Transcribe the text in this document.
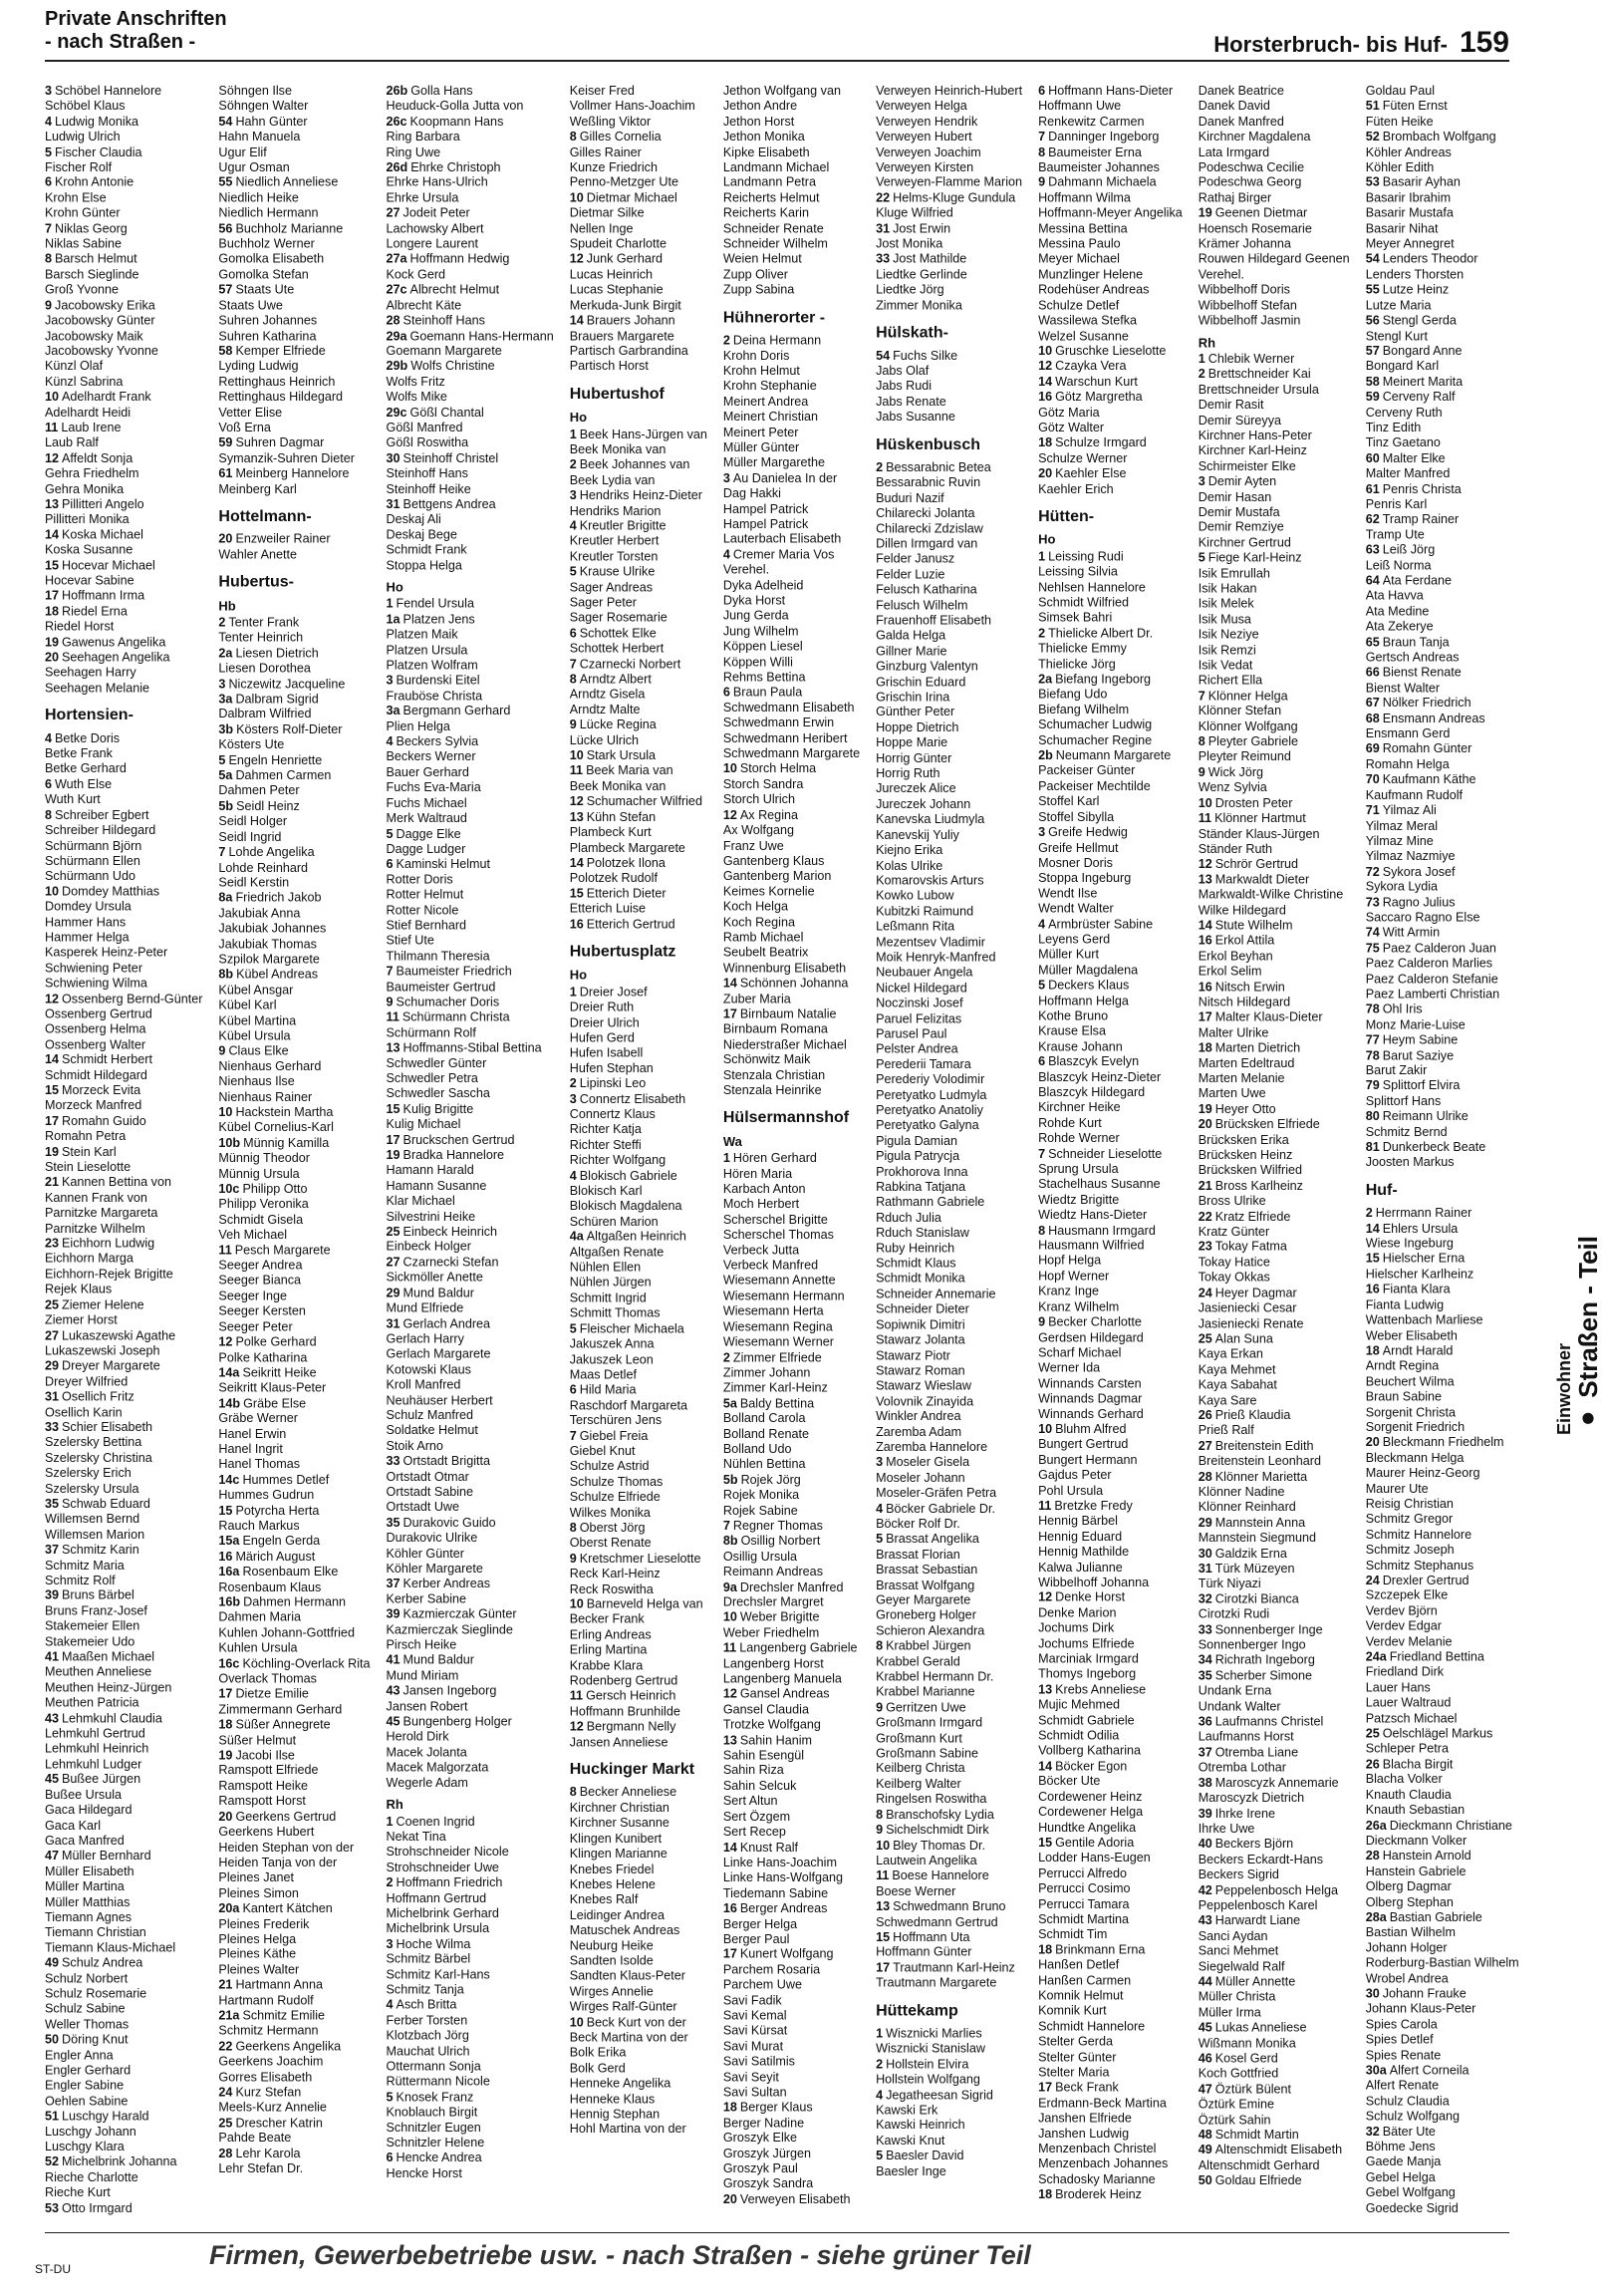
Private Anschriften
- nach Straßen -	Horsterbruch- bis Huf- 159
3 Schöbel Hannelore
Schöbel Klaus
4 Ludwig Monika
Ludwig Ulrich
5 Fischer Claudia
Fischer Rolf
6 Krohn Antonie
Krohn Else
Krohn Günter
7 Niklas Georg
Niklas Sabine
8 Barsch Helmut
Barsch Sieglinde
Groß Yvonne
9 Jacobowsky Erika
Jacobowsky Günter
Jacobowsky Maik
Jacobowsky Yvonne
Künzl Olaf
Künzl Sabrina
10 Adelhardt Frank
Adelhardt Heidi
11 Laub Irene
Laub Ralf
12 Affeldt Sonja
Gehra Friedhelm
Gehra Monika
13 Pillitteri Angelo
Pillitteri Monika
14 Koska Michael
Koska Susanne
15 Hocevar Michael
Hocevar Sabine
17 Hoffmann Irma
18 Riedel Erna
Riedel Horst
19 Gawenus Angelika
20 Seehagen Angelika
Seehagen Harry
Seehagen Melanie
Hortensien-
4 Betke Doris
Betke Frank
Betke Gerhard
6 Wuth Else
Wuth Kurt
8 Schreiber Egbert
Schreiber Hildegard
Schürmann Björn
Schürmann Ellen
Schürmann Udo
10 Domdey Matthias
Domdey Ursula
Hammer Hans
Hammer Helga
Kasperek Heinz-Peter
Schwiening Peter
Schwiening Wilma
12 Ossenberg Bernd-Günter
Ossenberg Gertrud
Ossenberg Helma
Ossenberg Walter
14 Schmidt Herbert
Schmidt Hildegard
15 Morzeck Evita
Morzeck Manfred
17 Romahn Guido
Romahn Petra
19 Stein Karl
Stein Lieselotte
21 Kannen Bettina von
Kannen Frank von
Parnitzke Margareta
Parnitzke Wilhelm
23 Eichhorn Ludwig
Eichhorn Marga
Eichhorn-Rejek Brigitte
Rejek Klaus
25 Ziemer Helene
Ziemer Horst
27 Lukaszewski Agathe
Lukaszewski Joseph
29 Dreyer Margarete
Dreyer Wilfried
31 Osellich Fritz
Osellich Karin
33 Schier Elisabeth
Szelersky Bettina
Szelersky Christina
Szelersky Erich
Szelersky Ursula
35 Schwab Eduard
Willemsen Bernd
Willemsen Marion
37 Schmitz Karin
Schmitz Maria
Schmitz Rolf
39 Bruns Bärbel
Bruns Franz-Josef
Stakemeier Ellen
Stakemeier Udo
41 Maaßen Michael
Meuthen Anneliese
Meuthen Heinz-Jürgen
Meuthen Patricia
43 Lehmkuhl Claudia
Lehmkuhl Gertrud
Lehmkuhl Heinrich
Lehmkuhl Ludger
45 Bußee Jürgen
Bußee Ursula
Gaca Hildegard
Gaca Karl
Gaca Manfred
47 Müller Bernhard
Müller Elisabeth
Müller Martina
Müller Matthias
Tiemann Agnes
Tiemann Christian
Tiemann Klaus-Michael
49 Schulz Andrea
Schulz Norbert
Schulz Rosemarie
Schulz Sabine
Weller Thomas
50 Döring Knut
Engler Anna
Engler Gerhard
Engler Sabine
Oehlen Sabine
51 Luschgy Harald
Luschgy Johann
Luschgy Klara
52 Michelbrink Johanna
Rieche Charlotte
Rieche Kurt
53 Otto Irmgard
Söhngen Ilse
Söhngen Walter
54 Hahn Günter
Hahn Manuela
Ugur Elif
Ugur Osman
55 Niedlich Anneliese
Niedlich Heike
Niedlich Hermann
56 Buchholz Marianne
Buchholz Werner
Gomolka Elisabeth
Gomolka Stefan
57 Staats Ute
Staats Uwe
Suhren Johannes
Suhren Katharina
58 Kemper Elfriede
Lyding Ludwig
Rettinghaus Heinrich
Rettinghaus Hildegard
Vetter Elise
Voß Erna
59 Suhren Dagmar
Symanzik-Suhren Dieter
61 Meinberg Hannelore
Meinberg Karl
Hottelmann-
20 Enzweiler Rainer
Wahler Anette
Hubertus-
Hb
2 Tenter Frank
Tenter Heinrich
2a Liesen Dietrich
Liesen Dorothea
3 Niczewitz Jacqueline
3a Dalbram Sigrid
Dalbram Wilfried
3b Kösters Rolf-Dieter
Kösters Ute
5 Engeln Henriette
5a Dahmen Carmen
Dahmen Peter
5b Seidl Heinz
Seidl Holger
Seidl Ingrid
7 Lohde Angelika
Lohde Reinhard
Seidl Kerstin
8a Friedrich Jakob
Jakubiak Anna
Jakubiak Johannes
Jakubiak Thomas
Szpilok Margarete
8b Kübel Andreas
Kübel Ansgar
Kübel Karl
Kübel Martina
Kübel Ursula
9 Claus Elke
Nienhaus Gerhard
Nienhaus Ilse
Nienhaus Rainer
10 Hackstein Martha
Kübel Cornelius-Karl
10b Münnig Kamilla
Münnig Theodor
Münnig Ursula
10c Philipp Otto
Philipp Veronika
Schmidt Gisela
Veh Michael
11 Pesch Margarete
Seeger Andrea
Seeger Bianca
Seeger Inge
Seeger Kersten
Seeger Peter
12 Polke Gerhard
Polke Katharina
14a Seikritt Heike
Seikritt Klaus-Peter
14b Gräbe Else
Gräbe Werner
Hanel Erwin
Hanel Ingrit
Hanel Thomas
14c Hummes Detlef
Hummes Gudrun
15 Potyrcha Herta
Rauch Markus
15a Engeln Gerda
16 Märich August
16a Rosenbaum Elke
Rosenbaum Klaus
16b Dahmen Hermann
Dahmen Maria
Kuhlen Johann-Gottfried
Kuhlen Ursula
16c Köchling-Overlack Rita
Overlack Thomas
17 Dietze Emilie
Zimmermann Gerhard
18 Süßer Annegrete
Süßer Helmut
19 Jacobi Ilse
Ramspott Elfriede
Ramspott Heike
Ramspott Horst
20 Geerkens Gertrud
Geerkens Hubert
Heiden Stephan von der
Heiden Tanja von der
Pleines Janet
Pleines Simon
20a Kantert Kätchen
Pleines Frederik
Pleines Helga
Pleines Käthe
Pleines Walter
21 Hartmann Anna
Hartmann Rudolf
21a Schmitz Emilie
Schmitz Hermann
22 Geerkens Angelika
Geerkens Joachim
Gorres Elisabeth
24 Kurz Stefan
Meels-Kurz Annelie
25 Drescher Katrin
Pahde Beate
28 Lehr Karola
Lehr Stefan Dr.
26b Golla Hans
Heuduck-Golla Jutta von
26c Koopmann Hans
Ring Barbara
Ring Uwe
26d Ehrke Christoph
Ehrke Hans-Ulrich
Ehrke Ursula
27 Jodeit Peter
Lachowsky Albert
Longere Laurent
27a Hoffmann Hedwig
Kock Gerd
27c Albrecht Helmut
Albrecht Käte
28 Steinhoff Hans
29a Goemann Hans-Hermann
Goemann Margarete
29b Wolfs Christine
Wolfs Fritz
Wolfs Mike
29c Gößl Chantal
Gößl Manfred
Gößl Roswitha
30 Steinhoff Christel
Steinhoff Hans
Steinhoff Heike
31 Bettgens Andrea
Deskaj Ali
Deskaj Bege
Schmidt Frank
Stoppa Helga
Ho
1 Fendel Ursula
1a Platzen Jens
Platzen Maik
Platzen Ursula
Platzen Wolfram
3 Burdenski Eitel
Frauböse Christa
3a Bergmann Gerhard
Plien Helga
4 Beckers Sylvia
Beckers Werner
Bauer Gerhard
Fuchs Eva-Maria
Fuchs Michael
Merk Waltraud
5 Dagge Elke
Dagge Ludger
6 Kaminski Helmut
Rotter Doris
Rotter Helmut
Rotter Nicole
Stief Bernhard
Stief Ute
Thilmann Theresia
7 Baumeister Friedrich
Baumeister Gertrud
9 Schumacher Doris
11 Schürmann Christa
Schürmann Rolf
13 Hoffmanns-Stibal Bettina
Schwedler Günter
Schwedler Petra
Schwedler Sascha
15 Kulig Brigitte
Kulig Michael
17 Bruckschen Gertrud
19 Bradka Hannelore
Hamann Harald
Hamann Susanne
Klar Michael
Silvestrini Heike
25 Einbeck Heinrich
Einbeck Holger
27 Czarnecki Stefan
Sickmöller Anette
29 Mund Baldur
Mund Elfriede
31 Gerlach Andrea
Gerlach Harry
Gerlach Margarete
Kotowski Klaus
Kroll Manfred
Neuhäuser Herbert
Schulz Manfred
Soldatke Helmut
Stoik Arno
33 Ortstadt Brigitta
Ortstadt Otmar
Ortstadt Sabine
Ortstadt Uwe
35 Durakovic Guido
Durakovic Ulrike
Köhler Günter
Köhler Margarete
37 Kerber Andreas
Kerber Sabine
39 Kazmierczak Günter
Kazmierczak Sieglinde
Pirsch Heike
41 Mund Baldur
Mund Miriam
43 Jansen Ingeborg
Jansen Robert
45 Bungenberg Holger
Herold Dirk
Macek Jolanta
Macek Malgorzata
Wegerle Adam
Rh
1 Coenen Ingrid
Nekat Tina
Strohschneider Nicole
Strohschneider Uwe
2 Hoffmann Friedrich
Hoffmann Gertrud
Michelbrink Gerhard
Michelbrink Ursula
3 Hoche Wilma
Schmitz Bärbel
Schmitz Karl-Hans
Schmitz Tanja
4 Asch Britta
Ferber Torsten
Klotzbach Jörg
Mauchat Ulrich
Ottermann Sonja
Rüttermann Nicole
5 Knosek Franz
Knoblauch Birgit
Schnitzler Eugen
Schnitzler Helene
6 Hencke Andrea
Hencke Horst
Keiser Fred
Vollmer Hans-Joachim
Weßling Viktor
8 Gilles Cornelia
Gilles Rainer
Kunze Friedrich
Penno-Metzger Ute
10 Dietmar Michael
Dietmar Silke
Nellen Inge
Spudeit Charlotte
12 Junk Gerhard
Lucas Heinrich
Lucas Stephanie
Merkuda-Junk Birgit
14 Brauers Johann
Brauers Margarete
Partisch Garbrandina
Partisch Horst
Hubertushof
Ho
1 Beek Hans-Jürgen van
Beek Monika van
2 Beek Johannes van
Beek Lydia van
3 Hendriks Heinz-Dieter
Hendriks Marion
4 Kreutler Brigitte
Kreutler Herbert
Kreutler Torsten
5 Krause Ulrike
Sager Andreas
Sager Peter
Sager Rosemarie
6 Schottek Elke
Schottek Herbert
7 Czarnecki Norbert
8 Arndtz Albert
Arndtz Gisela
Arndtz Malte
9 Lücke Regina
Lücke Ulrich
10 Stark Ursula
11 Beek Maria van
Beek Monika van
12 Schumacher Wilfried
13 Kühn Stefan
Plambeck Kurt
Plambeck Margarete
14 Polotzek Ilona
Polotzek Rudolf
15 Etterich Dieter
Etterich Luise
16 Etterich Gertrud
Hubertusplatz
Ho
1 Dreier Josef
Dreier Ruth
Dreier Ulrich
Hufen Gerd
Hufen Isabell
Hufen Stephan
2 Lipinski Leo
3 Connertz Elisabeth
Connertz Klaus
Richter Katja
Richter Steffi
Richter Wolfgang
4 Blokisch Gabriele
Blokisch Karl
Blokisch Magdalena
Schüren Marion
4a Altgaßen Heinrich
Altgaßen Renate
Nühlen Ellen
Nühlen Jürgen
Schmitt Ingrid
Schmitt Thomas
5 Fleischer Michaela
Jakuszek Anna
Jakuszek Leon
Maas Detlef
6 Hild Maria
Raschdorf Margareta
Terschüren Jens
7 Giebel Freia
Giebel Knut
Schulze Astrid
Schulze Thomas
Schulze Elfriede
Wilkes Monika
8 Oberst Jörg
Oberst Renate
9 Kretschmer Lieselotte
Reck Karl-Heinz
Reck Roswitha
10 Barneveld Helga van
Becker Frank
Erling Andreas
Erling Martina
Krabbe Klara
Rodenberg Gertrud
11 Gersch Heinrich
Hoffmann Brunhilde
12 Bergmann Nelly
Jansen Anneliese
Huckinger Markt
8 Becker Anneliese
Kirchner Christian
Kirchner Susanne
Klingen Kunibert
Klingen Marianne
Knebes Friedel
Knebes Helene
Knebes Ralf
Leidinger Andrea
Matuschek Andreas
Neuburg Heike
Sandten Isolde
Sandten Klaus-Peter
Wirges Annelie
Wirges Ralf-Günter
10 Beck Kurt von der
Beck Martina von der
Bolk Erika
Bolk Gerd
Henneke Angelika
Henneke Klaus
Hennig Stephan
Hohl Martina von der
Jethon Wolfgang van
Jethon Andre
Jethon Horst
Jethon Monika
Kipke Elisabeth
Landmann Michael
Landmann Petra
Reicherts Helmut
Reicherts Karin
Schneider Renate
Schneider Wilhelm
Weien Helmut
Zupp Oliver
Zupp Sabina
Hühnerorter -
2 Deina Hermann
Krohn Doris
Krohn Helmut
Krohn Stephanie
Meinert Andrea
Meinert Christian
Meinert Peter
Müller Günter
Müller Margarethe
3 Au Danielea In der
Dag Hakki
Hampel Patrick
Hampel Patrick
Lauterbach Elisabeth
4 Cremer Maria Vos
Verehel.
Dyka Adelheid
Dyka Horst
Jung Gerda
Jung Wilhelm
Köppen Liesel
Köppen Willi
Rehms Bettina
6 Braun Paula
Schwedmann Elisabeth
Schwedmann Erwin
Schwedmann Heribert
Schwedmann Margarete
10 Storch Helma
Storch Sandra
Storch Ulrich
12 Ax Regina
Ax Wolfgang
Franz Uwe
Gantenberg Klaus
Gantenberg Marion
Keimes Kornelie
Koch Helga
Koch Regina
Ramb Michael
Seubelt Beatrix
Winnenburg Elisabeth
14 Schönnen Johanna
Zuber Maria
17 Birnbaum Natalie
Birnbaum Romana
Niederstraßer Michael
Schönwitz Maik
Stenzala Christian
Stenzala Heinrike
Hülsermannshof
Wa
1 Hören Gerhard
Hören Maria
Karbach Anton
Moch Herbert
Scherschel Brigitte
Scherschel Thomas
Verbeck Jutta
Verbeck Manfred
Wiesemann Annette
Wiesemann Hermann
Wiesemann Herta
Wiesemann Regina
Wiesemann Werner
2 Zimmer Elfriede
Zimmer Johann
Zimmer Karl-Heinz
5a Baldy Bettina
Bolland Carola
Bolland Renate
Bolland Udo
Nühlen Bettina
5b Rojek Jörg
Rojek Monika
Rojek Sabine
7 Regner Thomas
8b Osillig Norbert
Osillig Ursula
Reimann Andreas
9a Drechsler Manfred
Drechsler Margret
10 Weber Brigitte
Weber Friedhelm
11 Langenberg Gabriele
Langenberg Horst
Langenberg Manuela
12 Gansel Andreas
Gansel Claudia
Trotzke Wolfgang
13 Sahin Hanim
Sahin Esengül
Sahin Riza
Sahin Selcuk
Sert Altun
Sert Özgem
Sert Recep
14 Knust Ralf
Linke Hans-Joachim
Linke Hans-Wolfgang
Tiedemann Sabine
16 Berger Andreas
Berger Helga
Berger Paul
17 Kunert Wolfgang
Parchem Rosaria
Parchem Uwe
Savi Fadik
Savi Kemal
Savi Kürsat
Savi Murat
Savi Satilmis
Savi Seyit
Savi Sultan
18 Berger Klaus
Berger Nadine
Groszyk Elke
Groszyk Jürgen
Groszyk Paul
Groszyk Sandra
20 Verweyen Elisabeth
Verweyen Heinrich-Hubert
Verweyen Helga
Verweyen Hendrik
Verweyen Hubert
Verweyen Joachim
Verweyen Kirsten
Verweyen-Flamme Marion
22 Helms-Kluge Gundula
Kluge Wilfried
31 Jost Erwin
Jost Monika
33 Jost Mathilde
Liedtke Gerlinde
Liedtke Jörg
Zimmer Monika
Hülskath-
54 Fuchs Silke
Jabs Olaf
Jabs Rudi
Jabs Renate
Jabs Susanne
Hüskenbusch
2 Bessarabnic Betea
Bessarabnic Ruvin
Buduri Nazif
Chilarecki Jolanta
Chilarecki Zdzislaw
Dillen Irmgard van
Felder Janusz
Felder Luzie
Felusch Katharina
Felusch Wilhelm
Frauenhoff Elisabeth
Galda Helga
Gillner Marie
Ginzburg Valentyn
Grischin Eduard
Grischin Irina
Günther Peter
Hoppe Dietrich
Hoppe Marie
Horrig Günter
Horrig Ruth
Jureczek Alice
Jureczek Johann
Kanevska Liudmyla
Kanevskij Yuliy
Kiejno Erika
Kolas Ulrike
Komarovskis Arturs
Kowko Lubow
Kubitzki Raimund
Leßmann Rita
Mezentsev Vladimir
Moik Henryk-Manfred
Neubauer Angela
Nickel Hildegard
Noczinski Josef
Paruel Felizitas
Parusel Paul
Pelster Andrea
Perederii Tamara
Perederiy Volodimir
Peretyatko Ludmyla
Peretyatko Anatoliy
Peretyatko Galyna
Pigula Damian
Pigula Patrycja
Prokhorova Inna
Rabkina Tatjana
Rathmann Gabriele
Rduch Julia
Rduch Stanislaw
Ruby Heinrich
Schmidt Klaus
Schmidt Monika
Schneider Annemarie
Schneider Dieter
Sopiwnik Dimitri
Stawarz Jolanta
Stawarz Piotr
Stawarz Roman
Stawarz Wieslaw
Volovnik Zinayida
Winkler Andrea
Zaremba Adam
Zaremba Hannelore
3 Moseler Gisela
Moseler Johann
Moseler-Gräfen Petra
4 Böcker Gabriele Dr.
Böcker Rolf Dr.
5 Brassat Angelika
Brassat Florian
Brassat Sebastian
Brassat Wolfgang
Geyer Margarete
Groneberg Holger
Schieron Alexandra
8 Krabbel Jürgen
Krabbel Gerald
Krabbel Hermann Dr.
Krabbel Marianne
9 Gerritzen Uwe
Großmann Irmgard
Großmann Kurt
Großmann Sabine
Keilberg Christa
Keilberg Walter
Ringelsen Roswitha
8 Branschofsky Lydia
9 Sichelschmidt Dirk
10 Bley Thomas Dr.
Lautwein Angelika
11 Boese Hannelore
Boese Werner
13 Schwedmann Bruno
Schwedmann Gertrud
15 Hoffmann Uta
Hoffmann Günter
17 Trautmann Karl-Heinz
Trautmann Margarete
Hüttekamp
1 Wisznicki Marlies
Wisznicki Stanislaw
2 Hollstein Elvira
Hollstein Wolfgang
4 Jegatheesan Sigrid
Kawski Erk
Kawski Heinrich
Kawski Knut
5 Baesler David
Baesler Inge
6 Hoffmann Hans-Dieter
Hoffmann Uwe
Renkewitz Carmen
7 Danninger Ingeborg
8 Baumeister Erna
Baumeister Johannes
9 Dahmann Michaela
Hoffmann Wilma
Hoffmann-Meyer Angelika
Messina Bettina
Messina Paulo
Meyer Michael
Munzlinger Helene
Rodehüser Andreas
Schulze Detlef
Wassilewa Stefka
Welzel Susanne
10 Gruschke Lieselotte
12 Czayka Vera
14 Warschun Kurt
16 Götz Margretha
Götz Maria
Götz Walter
18 Schulze Irmgard
Schulze Werner
20 Kaehler Else
Kaehler Erich
Hütten-
Ho
1 Leissing Rudi
Leissing Silvia
Nehlsen Hannelore
Schmidt Wilfried
Simsek Bahri
2 Thielicke Albert Dr.
Thielicke Emmy
Thielicke Jörg
2a Biefang Ingeborg
Biefang Udo
Biefang Wilhelm
Schumacher Ludwig
Schumacher Regine
2b Neumann Margarete
Packeiser Günter
Packeiser Mechtilde
Stoffel Karl
Stoffel Sibylla
3 Greife Hedwig
Greife Hellmut
Mosner Doris
Stoppa Ingeburg
Wendt Ilse
Wendt Walter
4 Armbrüster Sabine
Leyens Gerd
Müller Kurt
Müller Magdalena
5 Deckers Klaus
Hoffmann Helga
Kothe Bruno
Krause Elsa
Krause Johann
6 Blaszcyk Evelyn
Blaszcyk Heinz-Dieter
Blaszcyk Hildegard
Kirchner Heike
Rohde Kurt
Rohde Werner
7 Schneider Lieselotte
Sprung Ursula
Stachelhaus Susanne
Wiedtz Brigitte
Wiedtz Hans-Dieter
8 Hausmann Irmgard
Hausmann Wilfried
Hopf Helga
Hopf Werner
Kranz Inge
Kranz Wilhelm
9 Becker Charlotte
Gerdsen Hildegard
Scharf Michael
Werner Ida
Winnands Carsten
Winnands Dagmar
Winnands Gerhard
10 Bluhm Alfred
Bungert Gertrud
Bungert Hermann
Gajdus Peter
Pohl Ursula
11 Bretzke Fredy
Hennig Bärbel
Hennig Eduard
Hennig Mathilde
Kalwa Julianne
Wibbelhoff Johanna
12 Denke Horst
Denke Marion
Jochums Dirk
Jochums Elfriede
Marciniak Irmgard
Thomys Ingeborg
13 Krebs Anneliese
Mujic Mehmed
Schmidt Gabriele
Schmidt Odilia
Vollberg Katharina
14 Böcker Egon
Böcker Ute
Cordewener Heinz
Cordewener Helga
Hundtke Angelika
15 Gentile Adoria
Lodder Hans-Eugen
Perrucci Alfredo
Perrucci Cosimo
Perrucci Tamara
Schmidt Martina
Schmidt Tim
18 Brinkmann Erna
Hanßen Detlef
Hanßen Carmen
Komnik Helmut
Komnik Kurt
Schmidt Hannelore
Stelter Gerda
Stelter Günter
Stelter Maria
17 Beck Frank
Erdmann-Beck Martina
Janshen Elfriede
Janshen Ludwig
Menzenbach Christel
Menzenbach Johannes
Schadosky Marianne
18 Broderek Heinz
Danek Beatrice
Danek David
Danek Manfred
Kirchner Magdalena
Lata Irmgard
Podeschwa Cecilie
Podeschwa Georg
Rathaj Birger
19 Geenen Dietmar
Hoensch Rosemarie
Krämer Johanna
Rouwen Hildegard Geenen
Verehel.
Wibbelhoff Doris
Wibbelhoff Stefan
Wibbelhoff Jasmin
Rh
1 Chlebik Werner
2 Brettschneider Kai
Brettschneider Ursula
Demir Rasit
Demir Süreyya
Kirchner Hans-Peter
Kirchner Karl-Heinz
Schirmeister Elke
3 Demir Ayten
Demir Hasan
Demir Mustafa
Demir Remziye
Kirchner Gertrud
5 Fiege Karl-Heinz
Isik Emrullah
Isik Hakan
Isik Melek
Isik Musa
Isik Neziye
Isik Remzi
Isik Vedat
Richert Ella
7 Klönner Helga
Klönner Stefan
Klönner Wolfgang
8 Pleyter Gabriele
Pleyter Reimund
9 Wick Jörg
Wenz Sylvia
10 Drosten Peter
11 Klönner Hartmut
Ständer Klaus-Jürgen
Ständer Ruth
12 Schrör Gertrud
13 Markwaldt Dieter
Markwaldt-Wilke Christine
Wilke Hildegard
14 Stute Wilhelm
16 Erkol Attila
Erkol Beyhan
Erkol Selim
16 Nitsch Erwin
Nitsch Hildegard
17 Malter Klaus-Dieter
Malter Ulrike
18 Marten Dietrich
Marten Edeltraud
Marten Melanie
Marten Uwe
19 Heyer Otto
20 Brücksken Elfriede
Brücksken Erika
Brücksken Heinz
Brücksken Wilfried
21 Bross Karlheinz
Bross Ulrike
22 Kratz Elfriede
Kratz Günter
23 Tokay Fatma
Tokay Hatice
Tokay Okkas
24 Heyer Dagmar
Jasieniecki Cesar
Jasieniecki Renate
25 Alan Suna
Kaya Erkan
Kaya Mehmet
Kaya Sabahat
Kaya Sare
26 Prieß Klaudia
Prieß Ralf
27 Breitenstein Edith
Breitenstein Leonhard
28 Klönner Marietta
Klönner Nadine
Klönner Reinhard
29 Mannstein Anna
Mannstein Siegmund
30 Galdzik Erna
31 Türk Müzeyen
Türk Niyazi
32 Cirotzki Bianca
Cirotzki Rudi
33 Sonnenberger Inge
Sonnenberger Ingo
34 Richrath Ingeborg
35 Scherber Simone
Undank Erna
Undank Walter
36 Laufmanns Christel
Laufmanns Horst
37 Otremba Liane
Otremba Lothar
38 Maroscyzk Annemarie
Maroscyzk Dietrich
39 Ihrke Irene
Ihrke Uwe
40 Beckers Björn
Beckers Eckardt-Hans
Beckers Sigrid
42 Peppelenbosch Helga
Peppelenbosch Karel
43 Harwardt Liane
Sanci Aydan
Sanci Mehmet
Siegelwald Ralf
44 Müller Annette
Müller Christa
Müller Irma
45 Lukas Anneliese
Wißmann Monika
46 Kosel Gerd
Koch Gottfried
47 Öztürk Bülent
Öztürk Emine
Öztürk Sahin
48 Schmidt Martin
49 Altenschmidt Elisabeth
Altenschmidt Gerhard
50 Goldau Elfriede
Goldau Paul
51 Füten Ernst
Füten Heike
52 Brombach Wolfgang
Köhler Andreas
Köhler Edith
53 Basarir Ayhan
Basarir Ibrahim
Basarir Mustafa
Basarir Nihat
Meyer Annegret
54 Lenders Theodor
Lenders Thorsten
55 Lutze Heinz
Lutze Maria
56 Stengl Gerda
Stengl Kurt
57 Bongard Anne
Bongard Karl
58 Meinert Marita
59 Cerveny Ralf
Cerveny Ruth
Tinz Edith
Tinz Gaetano
60 Malter Elke
Malter Manfred
61 Penris Christa
Penris Karl
62 Tramp Rainer
Tramp Ute
63 Leiß Jörg
Leiß Norma
64 Ata Ferdane
Ata Havva
Ata Medine
Ata Zekerye
65 Braun Tanja
Gertsch Andreas
66 Bienst Renate
Bienst Walter
67 Nölker Friedrich
68 Ensmann Andreas
Ensmann Gerd
69 Romahn Günter
Romahn Helga
70 Kaufmann Käthe
Kaufmann Rudolf
71 Yilmaz Ali
Yilmaz Meral
Yilmaz Mine
Yilmaz Nazmiye
72 Sykora Josef
Sykora Lydia
73 Ragno Julius
Saccaro Ragno Else
74 Witt Armin
75 Paez Calderon Juan
Paez Calderon Marlies
Paez Calderon Stefanie
Paez Lamberti Christian
78 Ohl Iris
Monz Marie-Luise
77 Heym Sabine
78 Barut Saziye
Barut Zakir
79 Splittorf Elvira
Splittorf Hans
80 Reimann Ulrike
Schmitz Bernd
81 Dunkerbeck Beate
Joosten Markus
Huf-
2 Herrmann Rainer
14 Ehlers Ursula
Wiese Ingeburg
15 Hielscher Erna
Hielscher Karlheinz
16 Fianta Klara
Fianta Ludwig
Wattenbach Marliese
Weber Elisabeth
18 Arndt Harald
Arndt Regina
Beuchert Wilma
Braun Sabine
Sorgenit Christa
Sorgenit Friedrich
20 Bleckmann Friedhelm
Bleckmann Helga
Maurer Heinz-Georg
Maurer Ute
Reisig Christian
Schmitz Gregor
Schmitz Hannelore
Schmitz Joseph
Schmitz Stephanus
24 Drexler Gertrud
Szczepek Elke
Verdev Björn
Verdev Edgar
Verdev Melanie
24a Friedland Bettina
Friedland Dirk
Lauer Hans
Lauer Waltraud
Patzsch Michael
25 Oelschlägel Markus
Schleper Petra
26 Blacha Birgit
Blacha Volker
Knauth Claudia
Knauth Sebastian
26a Dieckmann Christiane
Dieckmann Volker
28 Hanstein Arnold
Hanstein Gabriele
Olberg Dagmar
Olberg Stephan
28a Bastian Gabriele
Bastian Wilhelm
Johann Holger
Roderburg-Bastian Wilhelm
Wrobel Andrea
30 Johann Frauke
Johann Klaus-Peter
Spies Carola
Spies Detlef
Spies Renate
30a Alfert Corneila
Alfert Renate
Schulz Claudia
Schulz Wolfgang
32 Bäter Ute
Böhme Jens
Gaede Manja
Gebel Helga
Gebel Wolfgang
Goedecke Sigrid
Einwohner ● Straßen - Teil
Firmen, Gewerbebetriebe usw. - nach Straßen - siehe grüner Teil
ST-DU
